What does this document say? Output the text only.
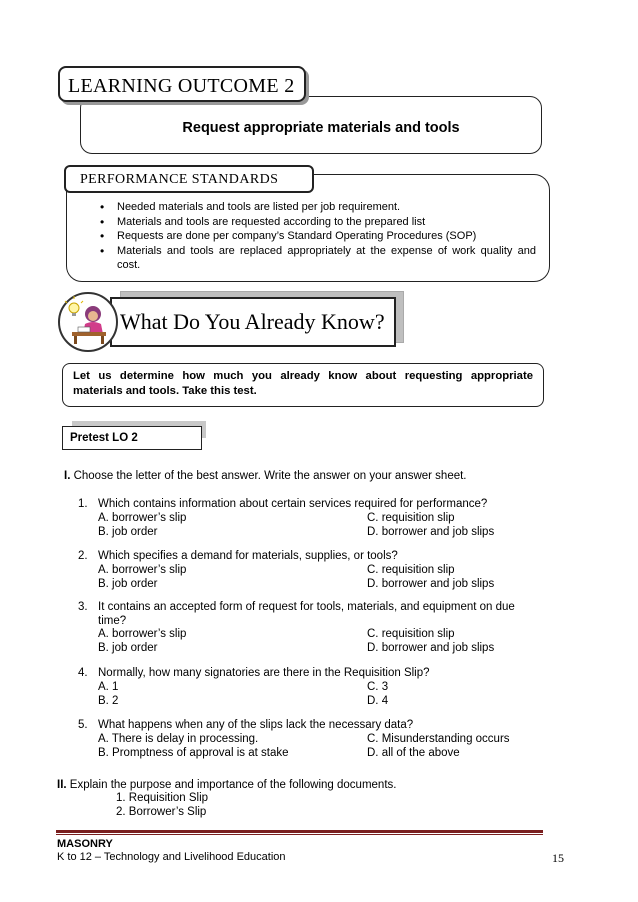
LEARNING OUTCOME 2
Request appropriate materials and tools
PERFORMANCE STANDARDS
• Needed materials and tools are listed per job requirement.
• Materials and tools are requested according to the prepared list
• Requests are done per company’s Standard Operating Procedures (SOP)
• Materials and tools are replaced appropriately at the expense of work quality and cost.
What Do You Already Know?
Let us determine how much you already know about requesting appropriate materials and tools. Take this test.
Pretest LO 2
I. Choose the letter of the best answer. Write the answer on your answer sheet.
1. Which contains information about certain services required for performance?
A. borrower’s slip	C. requisition slip
B. job order	D. borrower and job slips
2. Which specifies a demand for materials, supplies, or tools?
A. borrower’s slip	C. requisition slip
B. job order	D. borrower and job slips
3. It contains an accepted form of request for tools, materials, and equipment on due time?
A. borrower’s slip	C. requisition slip
B. job order	D. borrower and job slips
4. Normally, how many signatories are there in the Requisition Slip?
A. 1	C. 3
B. 2	D. 4
5. What happens when any of the slips lack the necessary data?
A. There is delay in processing.	C. Misunderstanding occurs
B. Promptness of approval is at stake	D. all of the above
II. Explain the purpose and importance of the following documents.
1. Requisition Slip
2. Borrower’s Slip
MASONRY
K to 12 – Technology and Livelihood Education	15
